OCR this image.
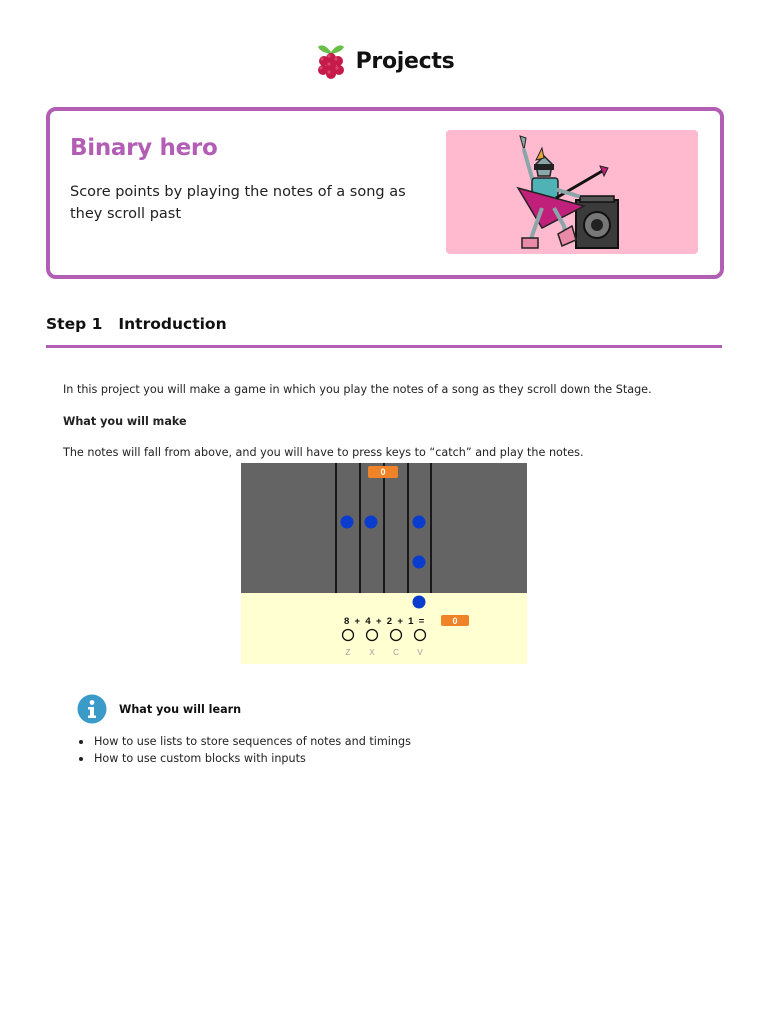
Projects
Binary hero
Score points by playing the notes of a song as they scroll past
Step 1 Introduction
In this project you will make a game in which you play the notes of a song as they scroll down the Stage.
What you will make
The notes will fall from above, and you will have to press keys to “catch” and play the notes.
0
8  +  4  +  2  +  1  =	0
Z X C V
What you will learn
How to use lists to store sequences of notes and timings
How to use custom blocks with inputs
